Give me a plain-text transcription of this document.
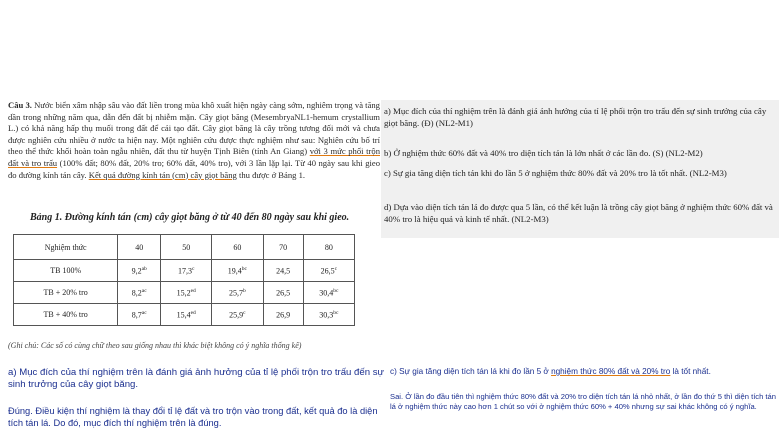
Câu 3. Nước biển xâm nhập sâu vào đất liền trong mùa khô xuất hiện ngày càng sớm, nghiêm trọng và tăng dần trong những năm qua, dẫn đến đất bị nhiễm mặn. Cây giọt băng (MesembryaNL1-hemum crystallium L.) có khả năng hấp thụ muối trong đất để cải tạo đất. Cây giọt băng là cây trồng tương đối mới và chưa được nghiên cứu nhiều ở nước ta hiện nay. Một nghiên cứu được thực nghiệm như sau: Nghiên cứu bố trí theo thể thức khối hoàn toàn ngẫu nhiên, đất thu từ huyện Tịnh Biên (tỉnh An Giang) với 3 mức phối trộn đất và tro trấu (100% đất; 80% đất, 20% tro; 60% đất, 40% tro), với 3 lần lặp lại. Từ 40 ngày sau khi gieo đo đường kính tán cây. Kết quả đường kính tán (cm) cây giọt băng thu được ở Bảng 1.

Bảng 1. Đường kính tán (cm) cây giọt băng ở từ 40 đến 80 ngày sau khi gieo.
Nghiệm thức	40	50	60	70	80
TB 100%	9,2$^{ab}$	17,3$^c$	19,4$^{bc}$	24,5	26,5$^c$
TB + 20% tro	8,2$^{ac}$	15,2$^{ed}$	25,7$^b$	26,5	30,4$^{bc}$
TB + 40% tro	8,7$^{ac}$	15,4$^{ed}$	25,9$^c$	26,9	30,3$^{bc}$
(Ghi chú: Các số có cùng chữ theo sau giống nhau thì khác biệt không có ý nghĩa thống kê)
a) Mục đích của thí nghiệm trên là đánh giá ảnh hưởng của tỉ lệ phối trộn tro trấu đến sự sinh trưởng của cây giọt băng. (Đ) (NL2-M1)
b) Ở nghiệm thức 60% đất và 40% tro diện tích tán là lớn nhất ở các lần đo. (S) (NL2-M2)
c) Sự gia tăng diện tích tán khi đo lần 5 ở nghiệm thức 80% đất và 20% tro là tốt nhất. (NL2-M3)
d) Dựa vào diện tích tán lá đo được qua 5 lần, có thể kết luận là trồng cây giọt băng ở nghiệm thức 60% đất và 40% tro là hiệu quả và kinh tế nhất. (NL2-M3)
a) Mục đích của thí nghiệm trên là đánh giá ảnh hưởng của tỉ lệ phối trộn tro trấu đến sự sinh trưởng của cây giọt băng.
Đúng. Điều kiện thí nghiệm là thay đổi tỉ lệ đất và tro trộn vào trong đất, kết quả đo là diện tích tán lá. Do đó, mục đích thí nghiệm trên là đúng.
c) Sự gia tăng diện tích tán lá khi đo lần 5 ở nghiệm thức 80% đất và 20% tro là tốt nhất.
Sai. Ở lần đo đầu tiên thì nghiệm thức 80% đất và 20% tro diện tích tán lá nhỏ nhất, ở lần đo thứ 5 thì diện tích tán lá ở nghiệm thức này cao hơn 1 chút so với ở nghiệm thức 60% + 40% nhưng sự sai khác không có ý nghĩa.
